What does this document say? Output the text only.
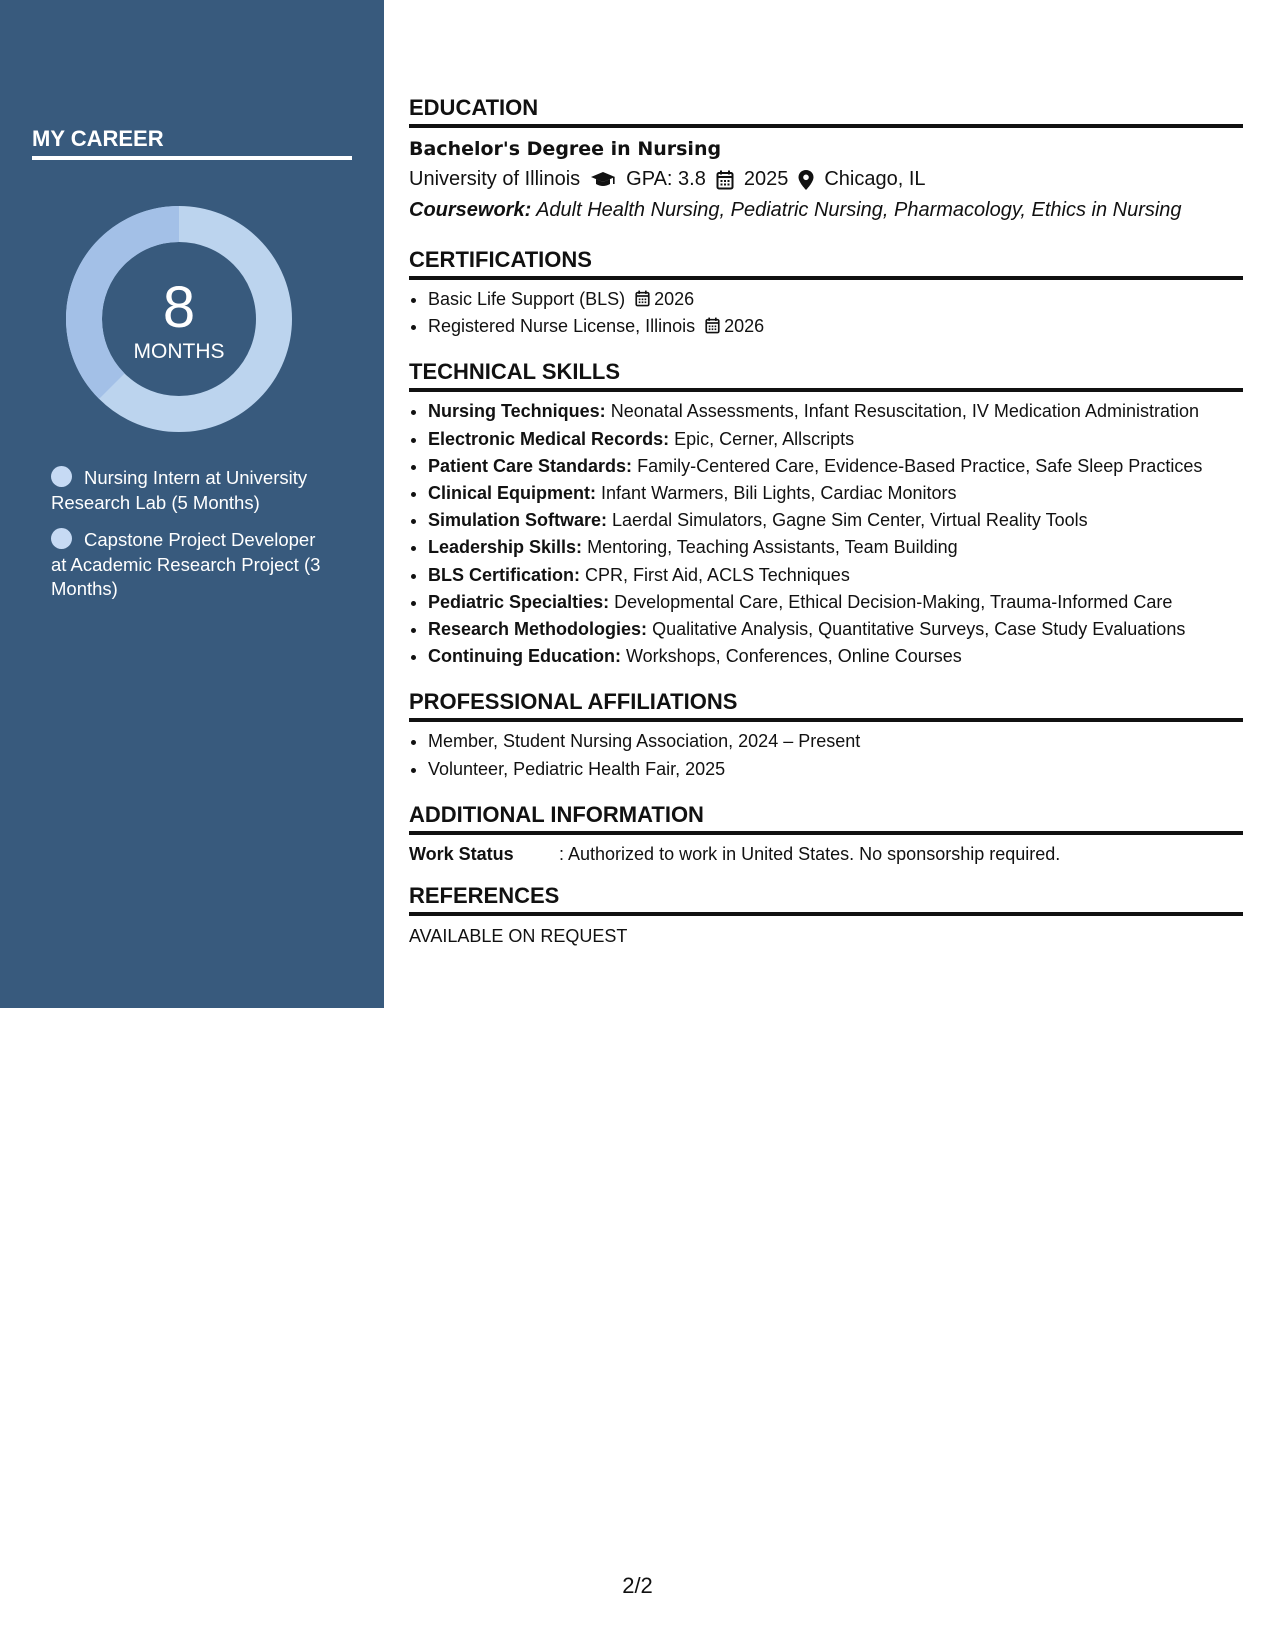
MY CAREER
8
MONTHS
Nursing Intern at University Research Lab (5 Months)
Capstone Project Developer at Academic Research Project (3 Months)
EDUCATION
Bachelor's Degree in Nursing
University of Illinois GPA: 3.8 2025 Chicago, IL
Coursework: Adult Health Nursing, Pediatric Nursing, Pharmacology, Ethics in Nursing
CERTIFICATIONS
• Basic Life Support (BLS) 2026
• Registered Nurse License, Illinois 2026
TECHNICAL SKILLS
• Nursing Techniques: Neonatal Assessments, Infant Resuscitation, IV Medication Administration
• Electronic Medical Records: Epic, Cerner, Allscripts
• Patient Care Standards: Family-Centered Care, Evidence-Based Practice, Safe Sleep Practices
• Clinical Equipment: Infant Warmers, Bili Lights, Cardiac Monitors
• Simulation Software: Laerdal Simulators, Gagne Sim Center, Virtual Reality Tools
• Leadership Skills: Mentoring, Teaching Assistants, Team Building
• BLS Certification: CPR, First Aid, ACLS Techniques
• Pediatric Specialties: Developmental Care, Ethical Decision-Making, Trauma-Informed Care
• Research Methodologies: Qualitative Analysis, Quantitative Surveys, Case Study Evaluations
• Continuing Education: Workshops, Conferences, Online Courses
PROFESSIONAL AFFILIATIONS
• Member, Student Nursing Association, 2024 – Present
• Volunteer, Pediatric Health Fair, 2025
ADDITIONAL INFORMATION
Work Status	: Authorized to work in United States. No sponsorship required.
REFERENCES
AVAILABLE ON REQUEST
2/2
